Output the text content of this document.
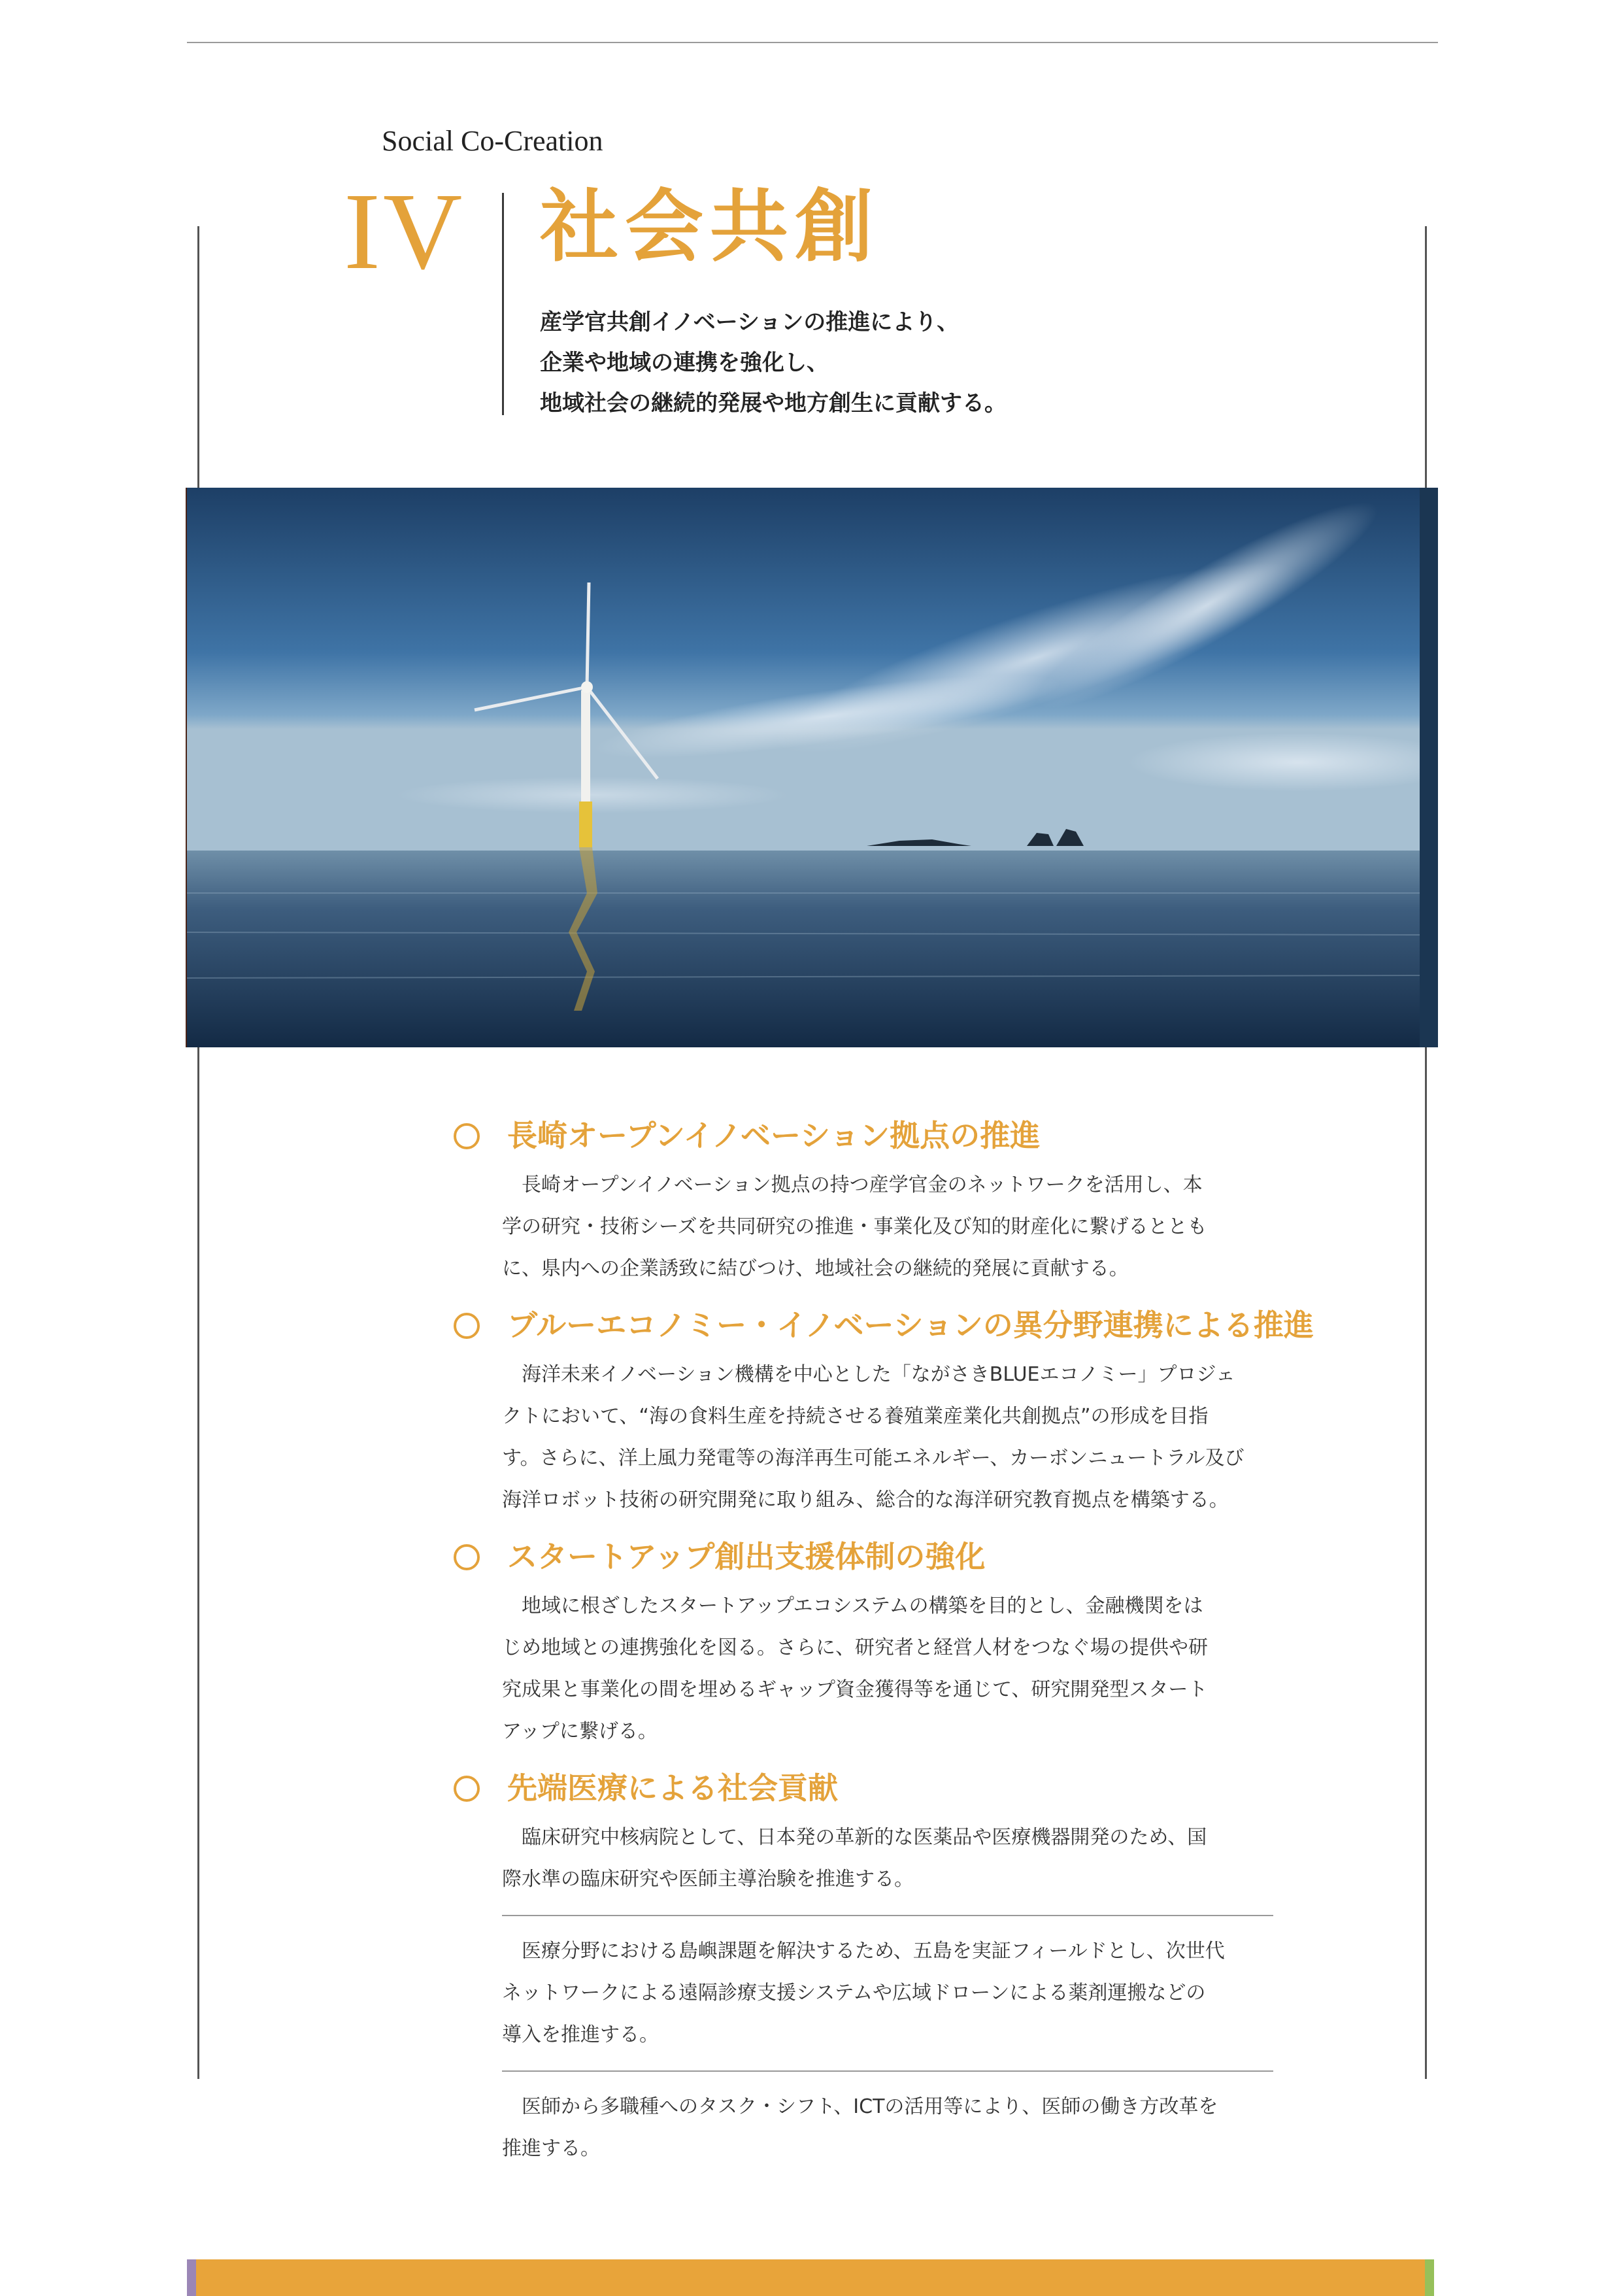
Social Co-Creation
IV 社会共創
産学官共創イノベーションの推進により、
企業や地域の連携を強化し、
地域社会の継続的発展や地方創生に貢献する。
長崎オープンイノベーション拠点の推進
　長崎オープンイノベーション拠点の持つ産学官金のネットワークを活用し、本
学の研究・技術シーズを共同研究の推進・事業化及び知的財産化に繋げるととも
に、県内への企業誘致に結びつけ、地域社会の継続的発展に貢献する。
ブルーエコノミー・イノベーションの異分野連携による推進
　海洋未来イノベーション機構を中心とした「ながさきBLUEエコノミー」プロジェ
クトにおいて、“海の食料生産を持続させる養殖業産業化共創拠点”の形成を目指
す。さらに、洋上風力発電等の海洋再生可能エネルギー、カーボンニュートラル及び
海洋ロボット技術の研究開発に取り組み、総合的な海洋研究教育拠点を構築する。
スタートアップ創出支援体制の強化
　地域に根ざしたスタートアップエコシステムの構築を目的とし、金融機関をは
じめ地域との連携強化を図る。さらに、研究者と経営人材をつなぐ場の提供や研
究成果と事業化の間を埋めるギャップ資金獲得等を通じて、研究開発型スタート
アップに繋げる。
先端医療による社会貢献
　臨床研究中核病院として、日本発の革新的な医薬品や医療機器開発のため、国
際水準の臨床研究や医師主導治験を推進する。
　医療分野における島嶼課題を解決するため、五島を実証フィールドとし、次世代
ネットワークによる遠隔診療支援システムや広域ドローンによる薬剤運搬などの
導入を推進する。
　医師から多職種へのタスク・シフト、ICTの活用等により、医師の働き方改革を
推進する。
